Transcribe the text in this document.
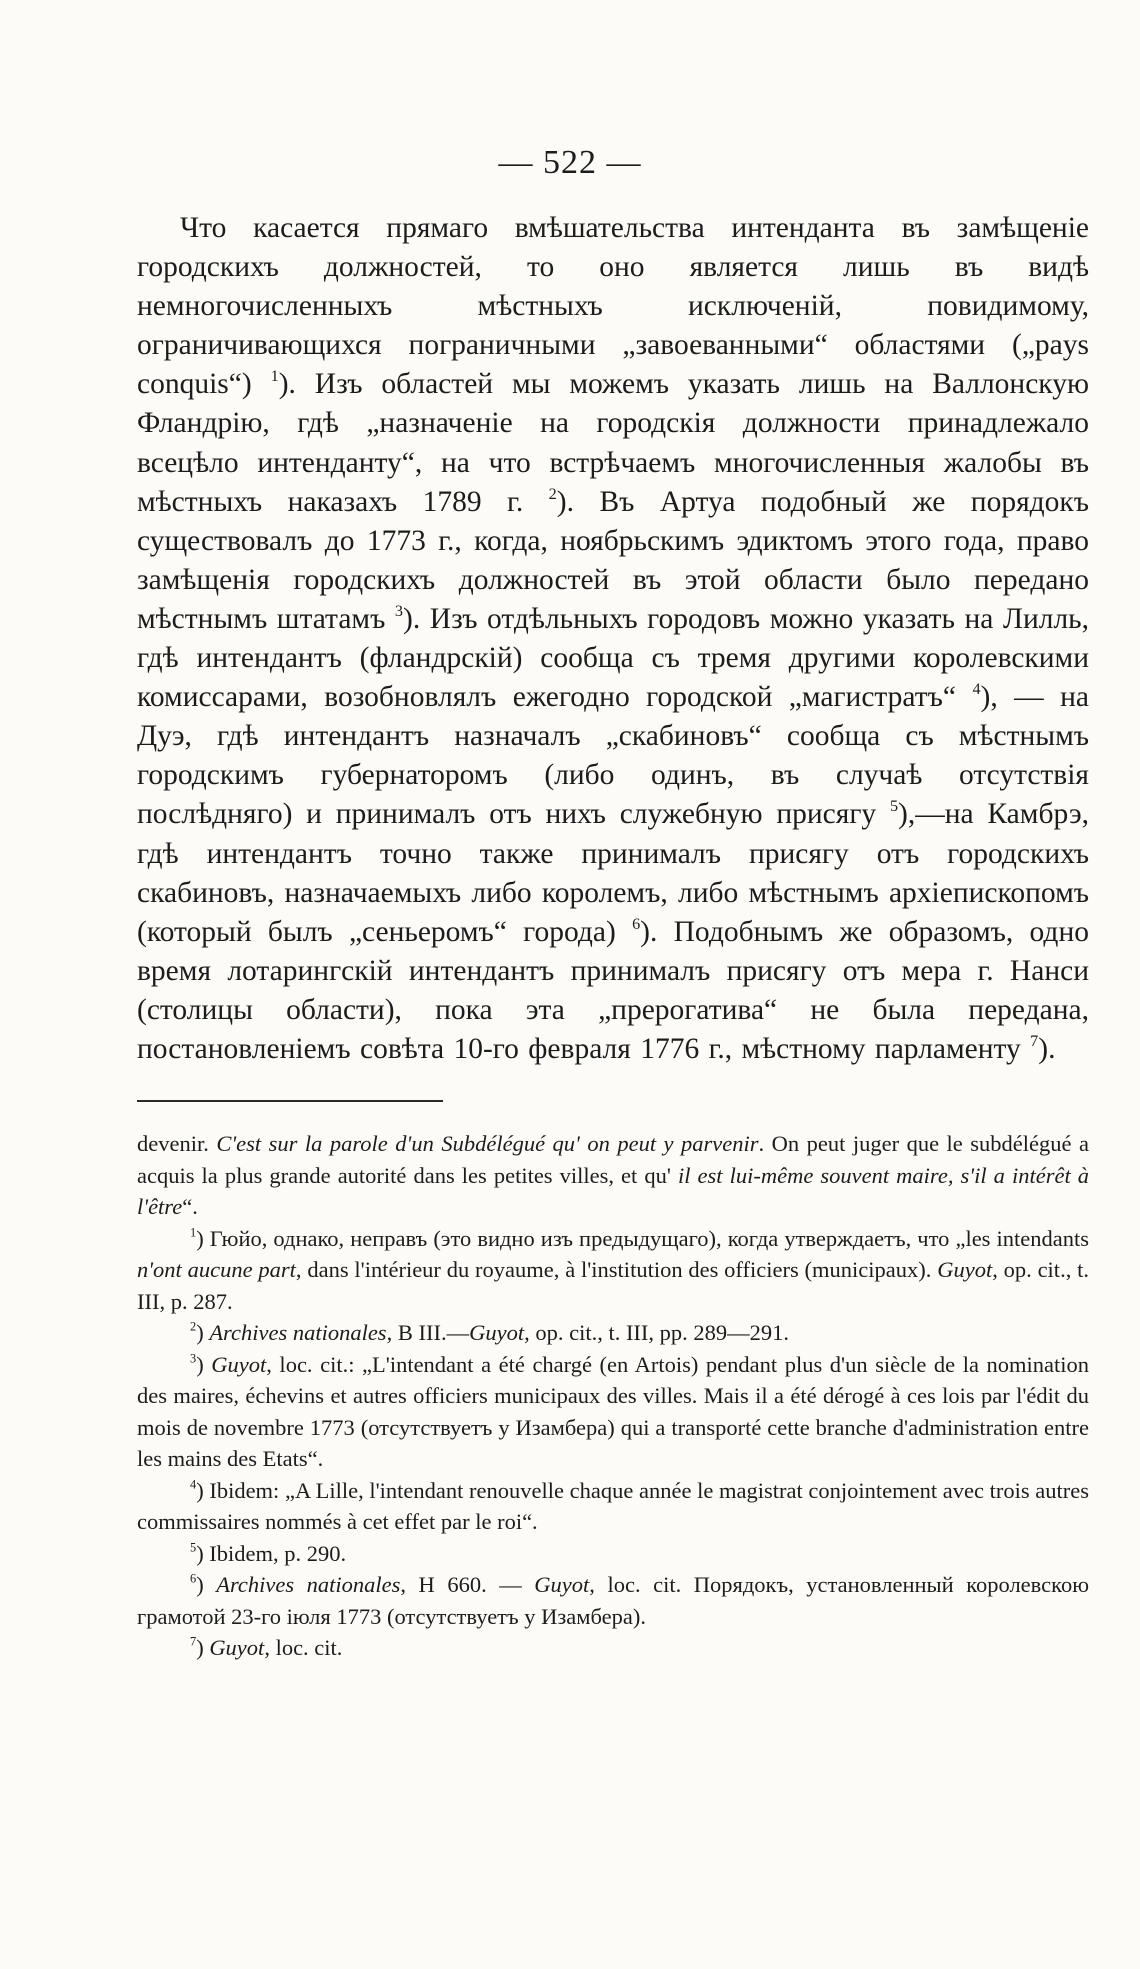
— 522 —

Что касается прямаго вмѣшательства интенданта въ замѣщеніе городскихъ должностей, то оно является лишь въ видѣ немногочисленныхъ мѣстныхъ исключеній, повидимому, ограничивающихся пограничными „завоеванными“ областями („pays conquis“) $^1$). Изъ областей мы можемъ указать лишь на Валлонскую Фландрію, гдѣ „назначеніе на городскія должности принадлежало всецѣло интенданту“, на что встрѣчаемъ многочисленныя жалобы въ мѣстныхъ наказахъ 1789 г. $^2$). Въ Артуа подобный же порядокъ существовалъ до 1773 г., когда, ноябрьскимъ эдиктомъ этого года, право замѣщенія городскихъ должностей въ этой области было передано мѣстнымъ штатамъ $^3$). Изъ отдѣльныхъ городовъ можно указать на Лилль, гдѣ интендантъ (фландрскій) сообща съ тремя другими королевскими комиссарами, возобновлялъ ежегодно городской „магистратъ“ $^4$), — на Дуэ, гдѣ интендантъ назначалъ „скабиновъ“ сообща съ мѣстнымъ городскимъ губернаторомъ (либо одинъ, въ случаѣ отсутствія послѣдняго) и принималъ отъ нихъ служебную присягу $^5$),—на Камбрэ, гдѣ интендантъ точно также принималъ присягу отъ городскихъ скабиновъ, назначаемыхъ либо королемъ, либо мѣстнымъ архіепископомъ (который былъ „сеньеромъ“ города) $^6$). Подобнымъ же образомъ, одно время лотарингскій интендантъ принималъ присягу отъ мера г. Нанси (столицы области), пока эта „прерогатива“ не была передана, постановленіемъ совѣта 10-го февраля 1776 г., мѣстному парламенту $^7$).

devenir. C'est sur la parole d'un Subdélégué qu' on peut y parvenir. On peut juger que le subdélégué a acquis la plus grande autorité dans les petites villes, et qu' il est lui-même souvent maire, s'il a intérêt à l'être“.

$^1$) Гюйо, однако, неправъ (это видно изъ предыдущаго), когда утверждаетъ, что „les intendants n'ont aucune part, dans l'intérieur du royaume, à l'institution des officiers (municipaux). Guyot, op. cit., t. III, p. 287.

$^2$) Archives nationales, B III.—Guyot, op. cit., t. III, pp. 289—291.

$^3$) Guyot, loc. cit.: „L'intendant a été chargé (en Artois) pendant plus d'un siècle de la nomination des maires, échevins et autres officiers municipaux des villes. Mais il a été dérogé à ces lois par l'édit du mois de novembre 1773 (отсутствуетъ у Изамбера) qui a transporté cette branche d'administration entre les mains des Etats“.

$^4$) Ibidem: „A Lille, l'intendant renouvelle chaque année le magistrat conjointement avec trois autres commissaires nommés à cet effet par le roi“.

$^5$) Ibidem, p. 290.

$^6$) Archives nationales, H 660. — Guyot, loc. cit. Порядокъ, установленный королевскою грамотой 23-го іюля 1773 (отсутствуетъ у Изамбера).

$^7$) Guyot, loc. cit.
